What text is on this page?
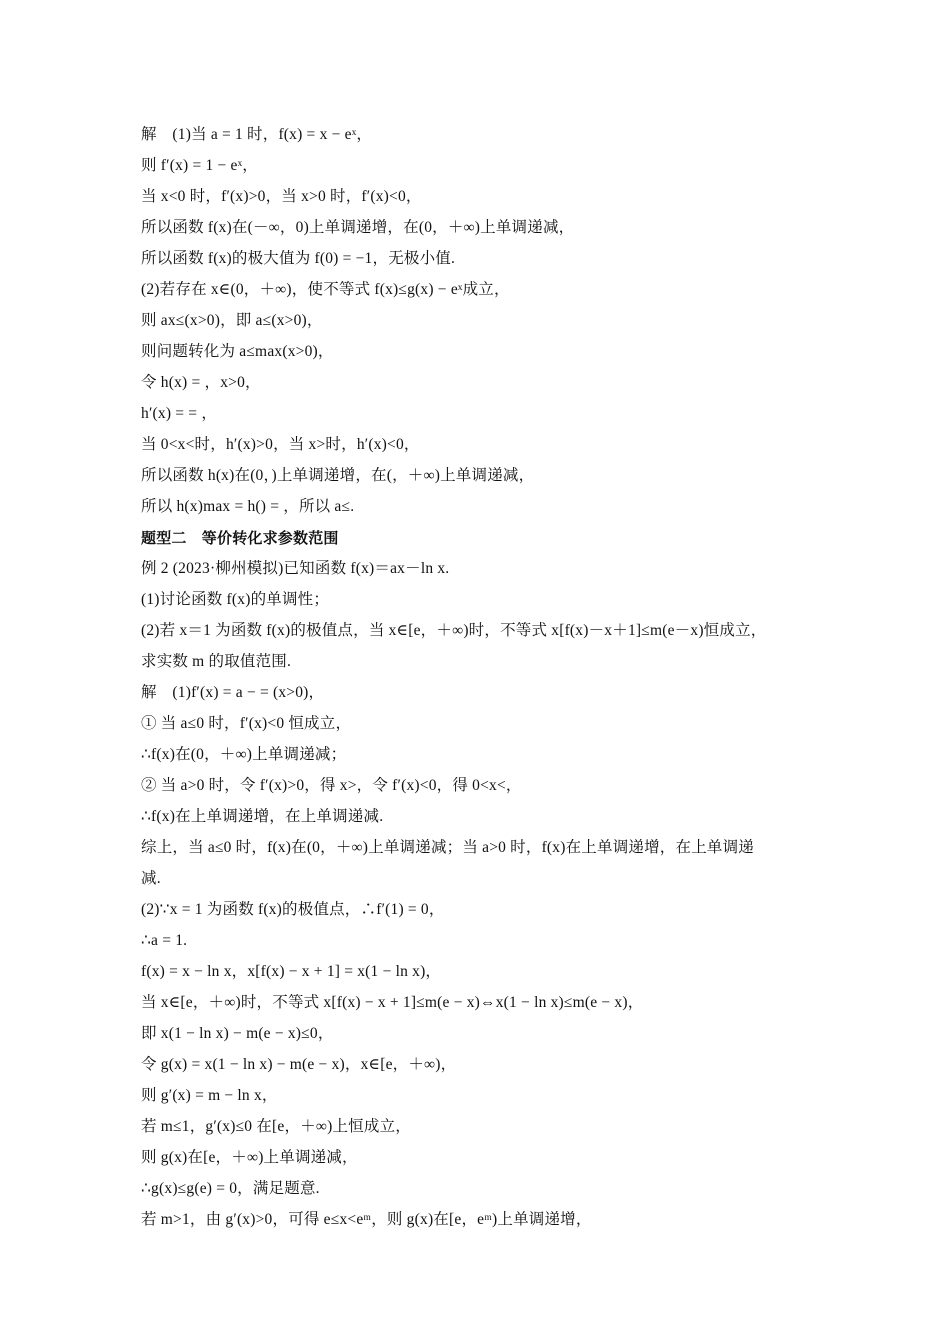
解　(1)当 a = 1 时，f(x) = x − eˣ，
则 f′(x) = 1 − eˣ，
当 x<0 时，f′(x)>0，当 x>0 时，f′(x)<0，
所以函数 f(x)在(－∞，0)上单调递增，在(0，＋∞)上单调递减，
所以函数 f(x)的极大值为 f(0) = −1，无极小值.
(2)若存在 x∈(0，＋∞)，使不等式 f(x)≤g(x) − eˣ成立，
则 ax≤(x>0)，即 a≤(x>0)，
则问题转化为 a≤max(x>0)，
令 h(x) = ，x>0，
h′(x) = = ，
当 0<x<时，h′(x)>0，当 x>时，h′(x)<0，
所以函数 h(x)在(0，)上单调递增，在(，＋∞)上单调递减，
所以 h(x)max = h() = ，所以 a≤.
题型二　等价转化求参数范围
例 2 (2023·柳州模拟)已知函数 f(x)＝ax－ln x.
(1)讨论函数 f(x)的单调性；
(2)若 x＝1 为函数 f(x)的极值点，当 x∈[e，＋∞)时，不等式 x[f(x)－x＋1]≤m(e－x)恒成立，
求实数 m 的取值范围.
解　(1)f′(x) = a − = (x>0)，
① 当 a≤0 时，f′(x)<0 恒成立，
∴f(x)在(0，＋∞)上单调递减；
② 当 a>0 时，令 f′(x)>0，得 x>，令 f′(x)<0，得 0<x<，
∴f(x)在上单调递增，在上单调递减.
综上，当 a≤0 时，f(x)在(0，＋∞)上单调递减；当 a>0 时，f(x)在上单调递增，在上单调递
减.
(2)∵x = 1 为函数 f(x)的极值点，∴f′(1) = 0，
∴a = 1.
f(x) = x − ln x，x[f(x) − x + 1] = x(1 − ln x)，
当 x∈[e，＋∞)时，不等式 x[f(x) − x + 1]≤m(e − x)⇔x(1 − ln x)≤m(e − x)，
即 x(1 − ln x) − m(e − x)≤0，
令 g(x) = x(1 − ln x) − m(e − x)，x∈[e，＋∞)，
则 g′(x) = m − ln x，
若 m≤1，g′(x)≤0 在[e，＋∞)上恒成立，
则 g(x)在[e，＋∞)上单调递减，
∴g(x)≤g(e) = 0，满足题意.
若 m>1，由 g′(x)>0，可得 e≤x<eᵐ，则 g(x)在[e，eᵐ)上单调递增，
